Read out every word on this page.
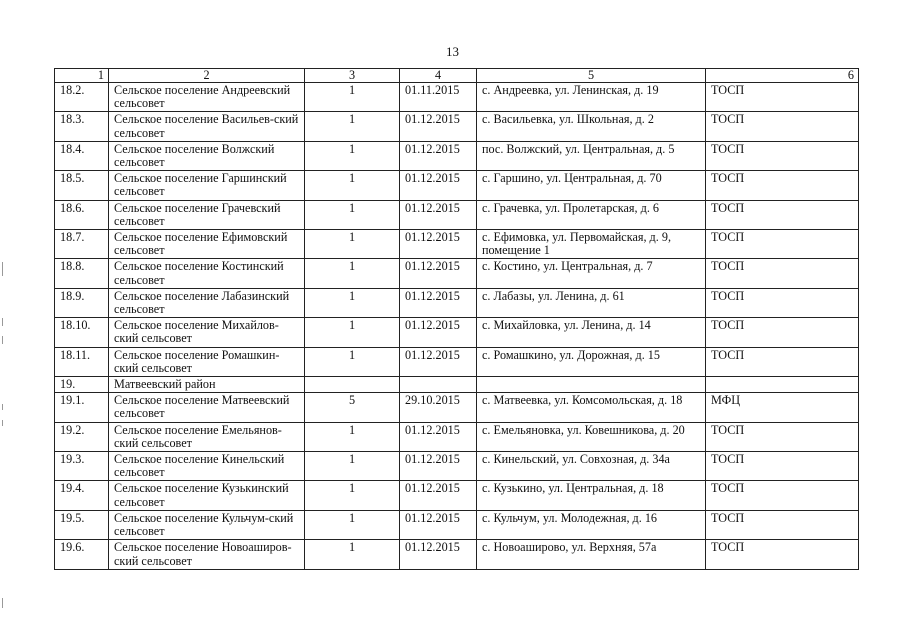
13
1	2	3	4	5	6
18.2.	Сельское поселение Андреевский сельсовет	1	01.11.2015	с. Андреевка, ул. Ленинская, д. 19	ТОСП
18.3.	Сельское поселение Васильев-ский сельсовет	1	01.12.2015	с. Васильевка, ул. Школьная, д. 2	ТОСП
18.4.	Сельское поселение Волжский сельсовет	1	01.12.2015	пос. Волжский, ул. Центральная, д. 5	ТОСП
18.5.	Сельское поселение Гаршинский сельсовет	1	01.12.2015	с. Гаршино, ул. Центральная, д. 70	ТОСП
18.6.	Сельское поселение Грачевский сельсовет	1	01.12.2015	с. Грачевка, ул. Пролетарская, д. 6	ТОСП
18.7.	Сельское поселение Ефимовский сельсовет	1	01.12.2015	с. Ефимовка, ул. Первомайская, д. 9, помещение 1	ТОСП
18.8.	Сельское поселение Костинский сельсовет	1	01.12.2015	с. Костино, ул. Центральная, д. 7	ТОСП
18.9.	Сельское поселение Лабазинский сельсовет	1	01.12.2015	с. Лабазы, ул. Ленина, д. 61	ТОСП
18.10.	Сельское поселение Михайлов-ский сельсовет	1	01.12.2015	с. Михайловка, ул. Ленина, д. 14	ТОСП
18.11.	Сельское поселение Ромашкин-ский сельсовет	1	01.12.2015	с. Ромашкино, ул. Дорожная, д. 15	ТОСП
19.	Матвеевский район				
19.1.	Сельское поселение Матвеевский сельсовет	5	29.10.2015	с. Матвеевка, ул. Комсомольская, д. 18	МФЦ
19.2.	Сельское поселение Емельянов-ский сельсовет	1	01.12.2015	с. Емельяновка, ул. Ковешникова, д. 20	ТОСП
19.3.	Сельское поселение Кинельский сельсовет	1	01.12.2015	с. Кинельский, ул. Совхозная, д. 34а	ТОСП
19.4.	Сельское поселение Кузькинский сельсовет	1	01.12.2015	с. Кузькино, ул. Центральная, д. 18	ТОСП
19.5.	Сельское поселение Кульчум-ский сельсовет	1	01.12.2015	с. Кульчум, ул. Молодежная, д. 16	ТОСП
19.6.	Сельское поселение Новоаширов-ский сельсовет	1	01.12.2015	с. Новоаширово, ул. Верхняя, 57а	ТОСП
